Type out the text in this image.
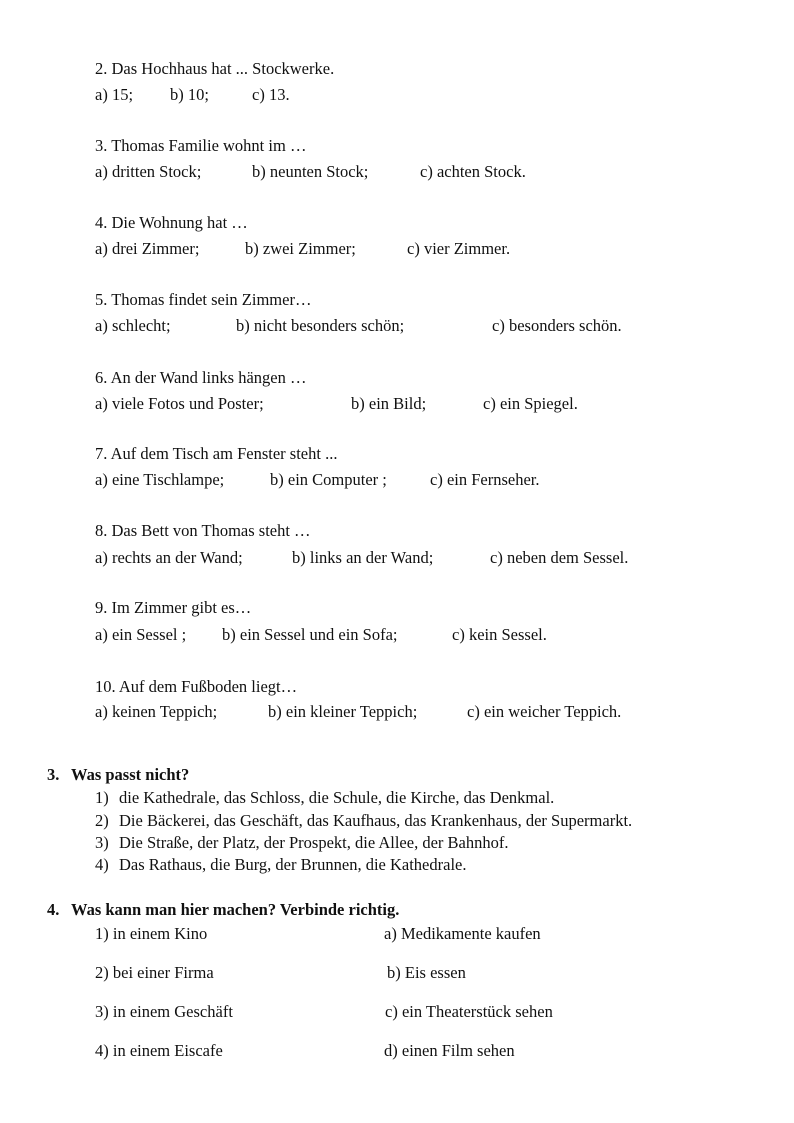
2. Das Hochhaus hat ... Stockwerke.
a) 15; b) 10;	c) 13.
3. Thomas Familie wohnt im …
a) dritten Stock;	b) neunten Stock;	c) achten Stock.
4. Die Wohnung hat …
a) drei Zimmer;	b) zwei Zimmer;	c) vier Zimmer.
5. Thomas findet sein Zimmer…
a) schlecht;	b) nicht besonders schön;	c) besonders schön.
6. An der Wand links hängen …
a) viele Fotos und Poster;	b) ein Bild;	c) ein Spiegel.
7. Auf dem Tisch am Fenster steht ...
a) eine Tischlampe;	b) ein Computer ;	c) ein Fernseher.
8. Das Bett von Thomas steht …
a) rechts an der Wand;	b) links an der Wand;	c) neben dem Sessel.
9. Im Zimmer gibt es…
a) ein Sessel ; b) ein Sessel und ein Sofa;	c) kein Sessel.
10. Auf dem Fußboden liegt…
a) keinen Teppich;	b) ein kleiner Teppich;	c) ein weicher Teppich.
3. Was passt nicht?
1) die Kathedrale, das Schloss, die Schule, die Kirche, das Denkmal.
2) Die Bäckerei, das Geschäft, das Kaufhaus, das Krankenhaus, der Supermarkt.
3) Die Straße, der Platz, der Prospekt, die Allee, der Bahnhof.
4) Das Rathaus, die Burg, der Brunnen, die Kathedrale.
4. Was kann man hier machen? Verbinde richtig.
1) in einem Kino	a) Medikamente kaufen
2) bei einer Firma	b) Eis essen
3) in einem Geschäft	c) ein Theaterstück sehen
4) in einem Eiscafe	d) einen Film sehen
